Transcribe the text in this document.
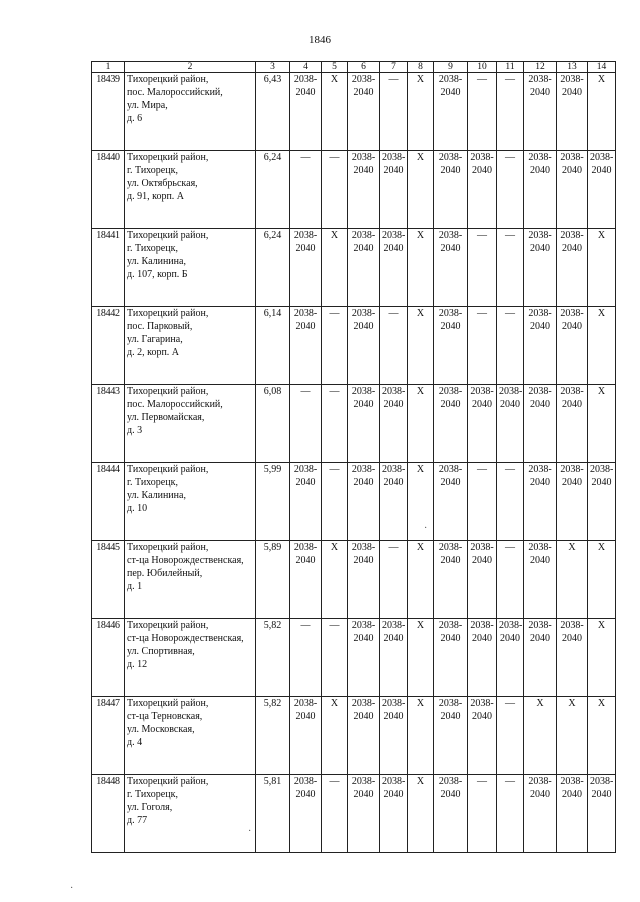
1846
1	2	3	4	5	6	7	8	9	10	11	12	13	14
18439	Тихорецкий район,
пос. Малороссийский,
ул. Мира,
д. 6	6,43	2038-
2040	X	2038-
2040	—	X	2038-
2040	—	—	2038-
2040	2038-
2040	X
18440	Тихорецкий район,
г. Тихорецк,
ул. Октябрьская,
д. 91, корп. А	6,24	—	—	2038-
2040	2038-
2040	X	2038-
2040	2038-
2040	—	2038-
2040	2038-
2040	2038-
2040
18441	Тихорецкий район,
г. Тихорецк,
ул. Калинина,
д. 107, корп. Б	6,24	2038-
2040	X	2038-
2040	2038-
2040	X	2038-
2040	—	—	2038-
2040	2038-
2040	X
18442	Тихорецкий район,
пос. Парковый,
ул. Гагарина,
д. 2, корп. А	6,14	2038-
2040	—	2038-
2040	—	X	2038-
2040	—	—	2038-
2040	2038-
2040	X
18443	Тихорецкий район,
пос. Малороссийский,
ул. Первомайская,
д. 3	6,08	—	—	2038-
2040	2038-
2040	X	2038-
2040	2038-
2040	2038-
2040	2038-
2040	2038-
2040	X
18444	Тихорецкий район,
г. Тихорецк,
ул. Калинина,
д. 10	5,99	2038-
2040	—	2038-
2040	2038-
2040	X	2038-
2040	—	—	2038-
2040	2038-
2040	2038-
2040
18445	Тихорецкий район,
ст-ца Новорождественская,
пер. Юбилейный,
д. 1	5,89	2038-
2040	X	2038-
2040	—	X	2038-
2040	2038-
2040	—	2038-
2040	X	X
18446	Тихорецкий район,
ст-ца Новорождественская,
ул. Спортивная,
д. 12	5,82	—	—	2038-
2040	2038-
2040	X	2038-
2040	2038-
2040	2038-
2040	2038-
2040	2038-
2040	X
18447	Тихорецкий район,
ст-ца Терновская,
ул. Московская,
д. 4	5,82	2038-
2040	X	2038-
2040	2038-
2040	X	2038-
2040	2038-
2040	—	X	X	X
18448	Тихорецкий район,
г. Тихорецк,
ул. Гоголя,
д. 77	5,81	2038-
2040	—	2038-
2040	2038-
2040	X	2038-
2040	—	—	2038-
2040	2038-
2040	2038-
2040
·
·
·
